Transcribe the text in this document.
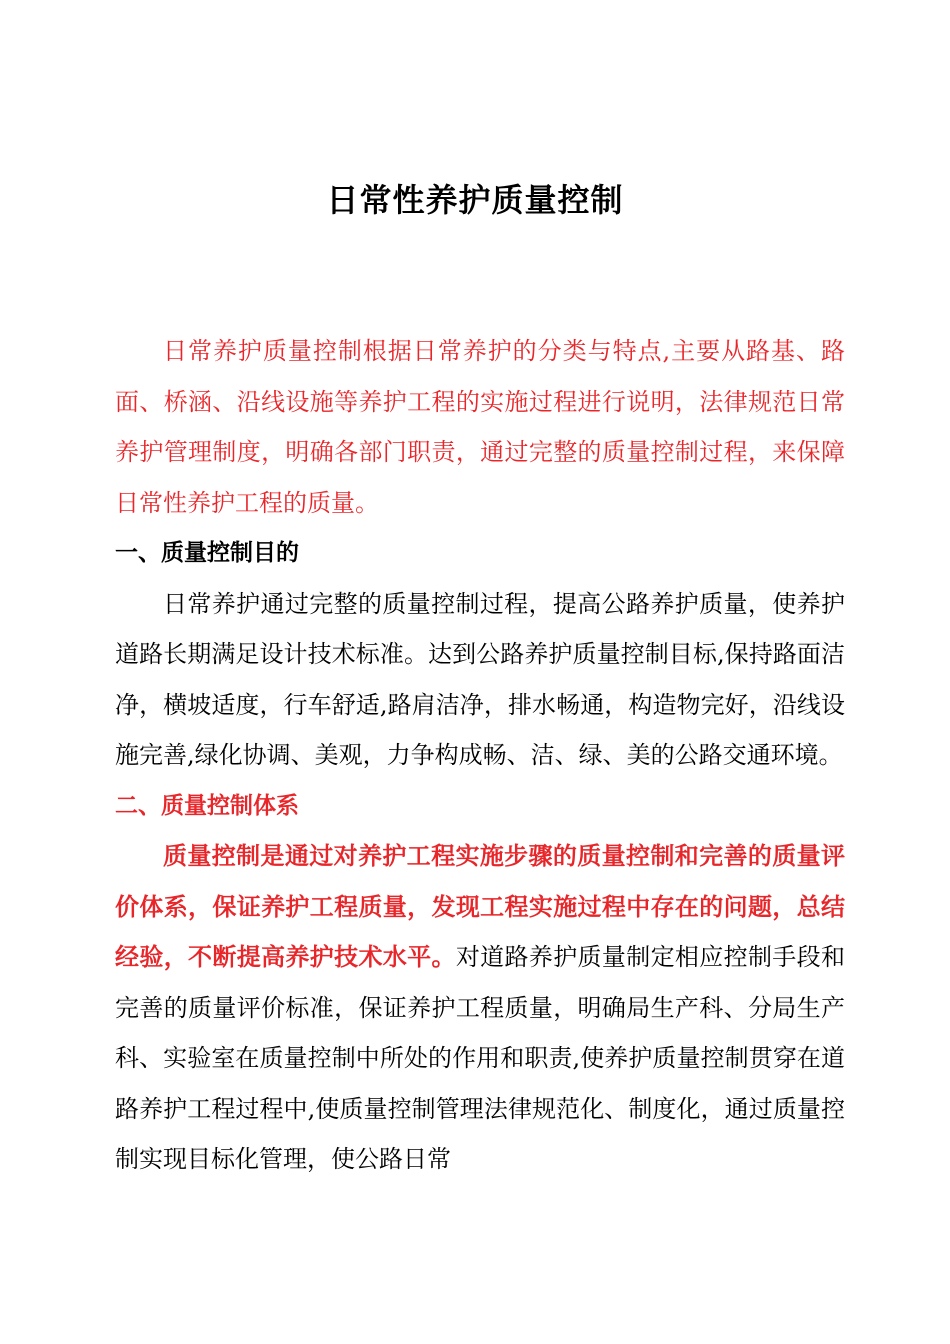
日常性养护质量控制

日常养护质量控制根据日常养护的分类与特点,主要从路基、路面、桥涵、沿线设施等养护工程的实施过程进行说明，法律规范日常养护管理制度，明确各部门职责，通过完整的质量控制过程，来保障日常性养护工程的质量。

一、质量控制目的

日常养护通过完整的质量控制过程，提高公路养护质量，使养护道路长期满足设计技术标准。达到公路养护质量控制目标,保持路面洁净，横坡适度，行车舒适,路肩洁净，排水畅通，构造物完好，沿线设施完善,绿化协调、美观，力争构成畅、洁、绿、美的公路交通环境。

二、质量控制体系

质量控制是通过对养护工程实施步骤的质量控制和完善的质量评价体系，保证养护工程质量，发现工程实施过程中存在的问题，总结经验，不断提高养护技术水平。对道路养护质量制定相应控制手段和完善的质量评价标准，保证养护工程质量，明确局生产科、分局生产科、实验室在质量控制中所处的作用和职责,使养护质量控制贯穿在道路养护工程过程中,使质量控制管理法律规范化、制度化，通过质量控制实现目标化管理，使公路日常
